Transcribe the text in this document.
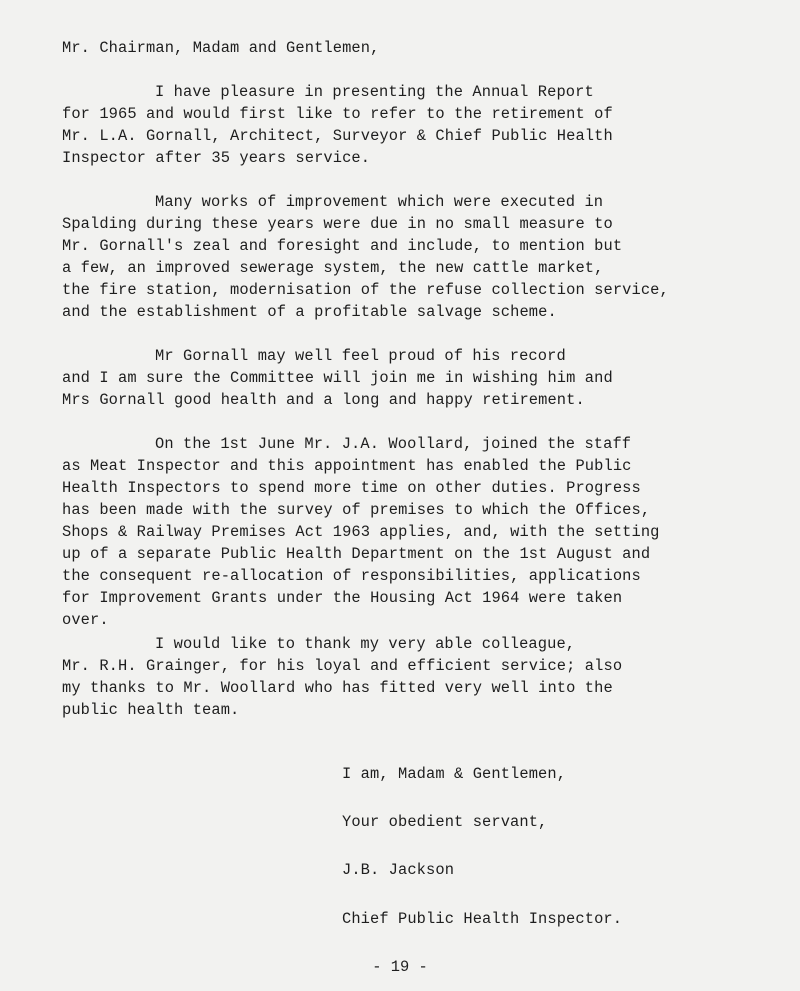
Mr. Chairman, Madam and Gentlemen,
I have pleasure in presenting the Annual Report
for 1965 and would first like to refer to the retirement of
Mr. L.A. Gornall, Architect, Surveyor & Chief Public Health
Inspector after 35 years service.
Many works of improvement which were executed in
Spalding during these years were due in no small measure to
Mr. Gornall's zeal and foresight and include, to mention but
a few, an improved sewerage system, the new cattle market,
the fire station, modernisation of the refuse collection service,
and the establishment of a profitable salvage scheme.
Mr Gornall may well feel proud of his record
and I am sure the Committee will join me in wishing him and
Mrs Gornall good health and a long and happy retirement.
On the 1st June Mr. J.A. Woollard, joined the staff
as Meat Inspector and this appointment has enabled the Public
Health Inspectors to spend more time on other duties. Progress
has been made with the survey of premises to which the Offices,
Shops & Railway Premises Act 1963 applies, and, with the setting
up of a separate Public Health Department on the 1st August and
the consequent re-allocation of responsibilities, applications
for Improvement Grants under the Housing Act 1964 were taken
over.
I would like to thank my very able colleague,
Mr. R.H. Grainger, for his loyal and efficient service; also
my thanks to Mr. Woollard who has fitted very well into the
public health team.
I am, Madam & Gentlemen,
Your obedient servant,
J.B. Jackson
Chief Public Health Inspector.
- 19 -
